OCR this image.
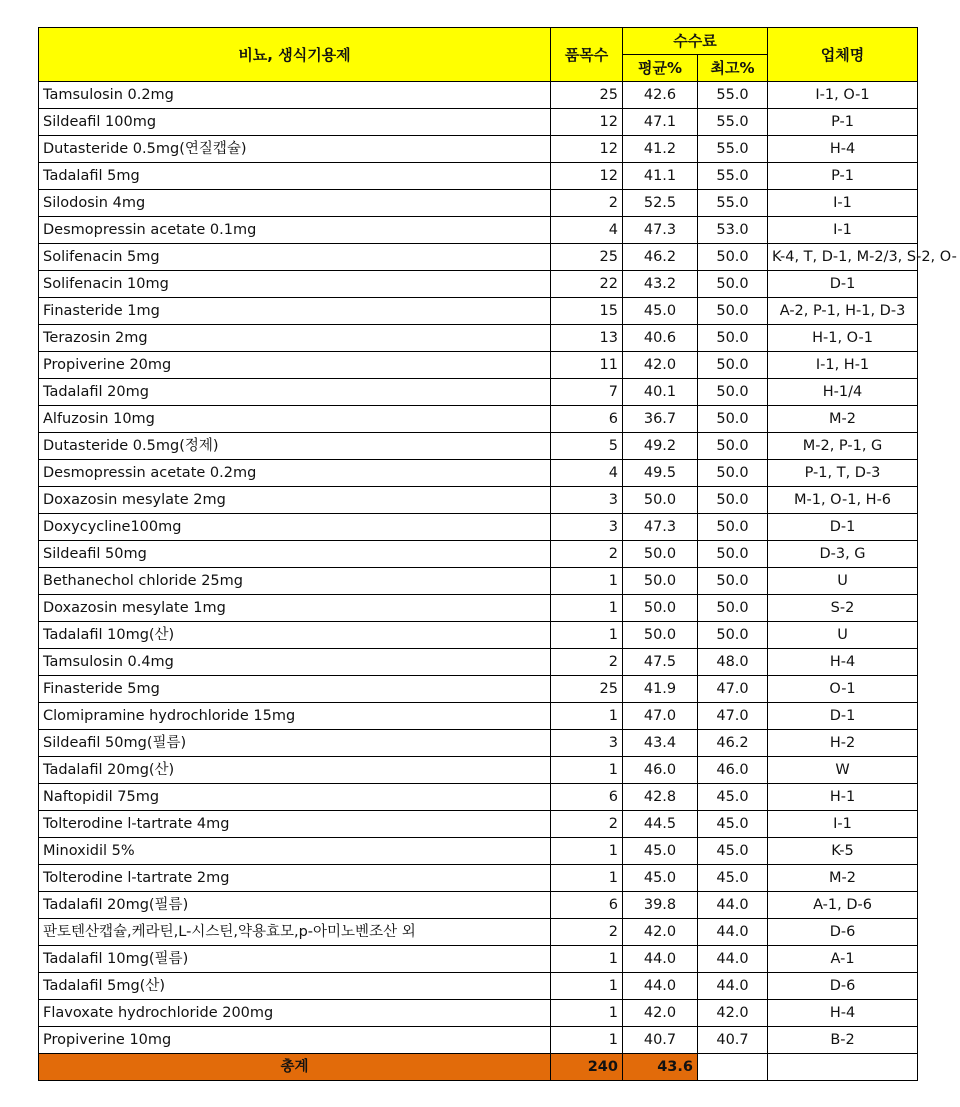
비뇨, 생식기용제	품목수	수수료		업체명
		평균%	최고%	
Tamsulosin 0.2mg	25	42.6	55.0	I-1, O-1
Sildeafil 100mg	12	47.1	55.0	P-1
Dutasteride 0.5mg(연질캡슐)	12	41.2	55.0	H-4
Tadalafil 5mg	12	41.1	55.0	P-1
Silodosin 4mg	2	52.5	55.0	I-1
Desmopressin acetate 0.1mg	4	47.3	53.0	I-1
Solifenacin 5mg	25	46.2	50.0	K-4, T, D-1, M-2/3, S-2, O-
Solifenacin 10mg	22	43.2	50.0	D-1
Finasteride 1mg	15	45.0	50.0	A-2, P-1, H-1, D-3
Terazosin 2mg	13	40.6	50.0	H-1, O-1
Propiverine 20mg	11	42.0	50.0	I-1, H-1
Tadalafil 20mg	7	40.1	50.0	H-1/4
Alfuzosin 10mg	6	36.7	50.0	M-2
Dutasteride 0.5mg(정제)	5	49.2	50.0	M-2, P-1, G
Desmopressin acetate 0.2mg	4	49.5	50.0	P-1, T, D-3
Doxazosin mesylate 2mg	3	50.0	50.0	M-1, O-1, H-6
Doxycycline100mg	3	47.3	50.0	D-1
Sildeafil 50mg	2	50.0	50.0	D-3, G
Bethanechol chloride 25mg	1	50.0	50.0	U
Doxazosin mesylate 1mg	1	50.0	50.0	S-2
Tadalafil 10mg(산)	1	50.0	50.0	U
Tamsulosin 0.4mg	2	47.5	48.0	H-4
Finasteride 5mg	25	41.9	47.0	O-1
Clomipramine hydrochloride 15mg	1	47.0	47.0	D-1
Sildeafil 50mg(필름)	3	43.4	46.2	H-2
Tadalafil 20mg(산)	1	46.0	46.0	W
Naftopidil 75mg	6	42.8	45.0	H-1
Tolterodine l-tartrate 4mg	2	44.5	45.0	I-1
Minoxidil 5%	1	45.0	45.0	K-5
Tolterodine l-tartrate 2mg	1	45.0	45.0	M-2
Tadalafil 20mg(필름)	6	39.8	44.0	A-1, D-6
판토텐산캡슐,케라틴,L-시스틴,약용효모,p-아미노벤조산 외	2	42.0	44.0	D-6
Tadalafil 10mg(필름)	1	44.0	44.0	A-1
Tadalafil 5mg(산)	1	44.0	44.0	D-6
Flavoxate hydrochloride 200mg	1	42.0	42.0	H-4
Propiverine 10mg	1	40.7	40.7	B-2
총계	240	43.6		
